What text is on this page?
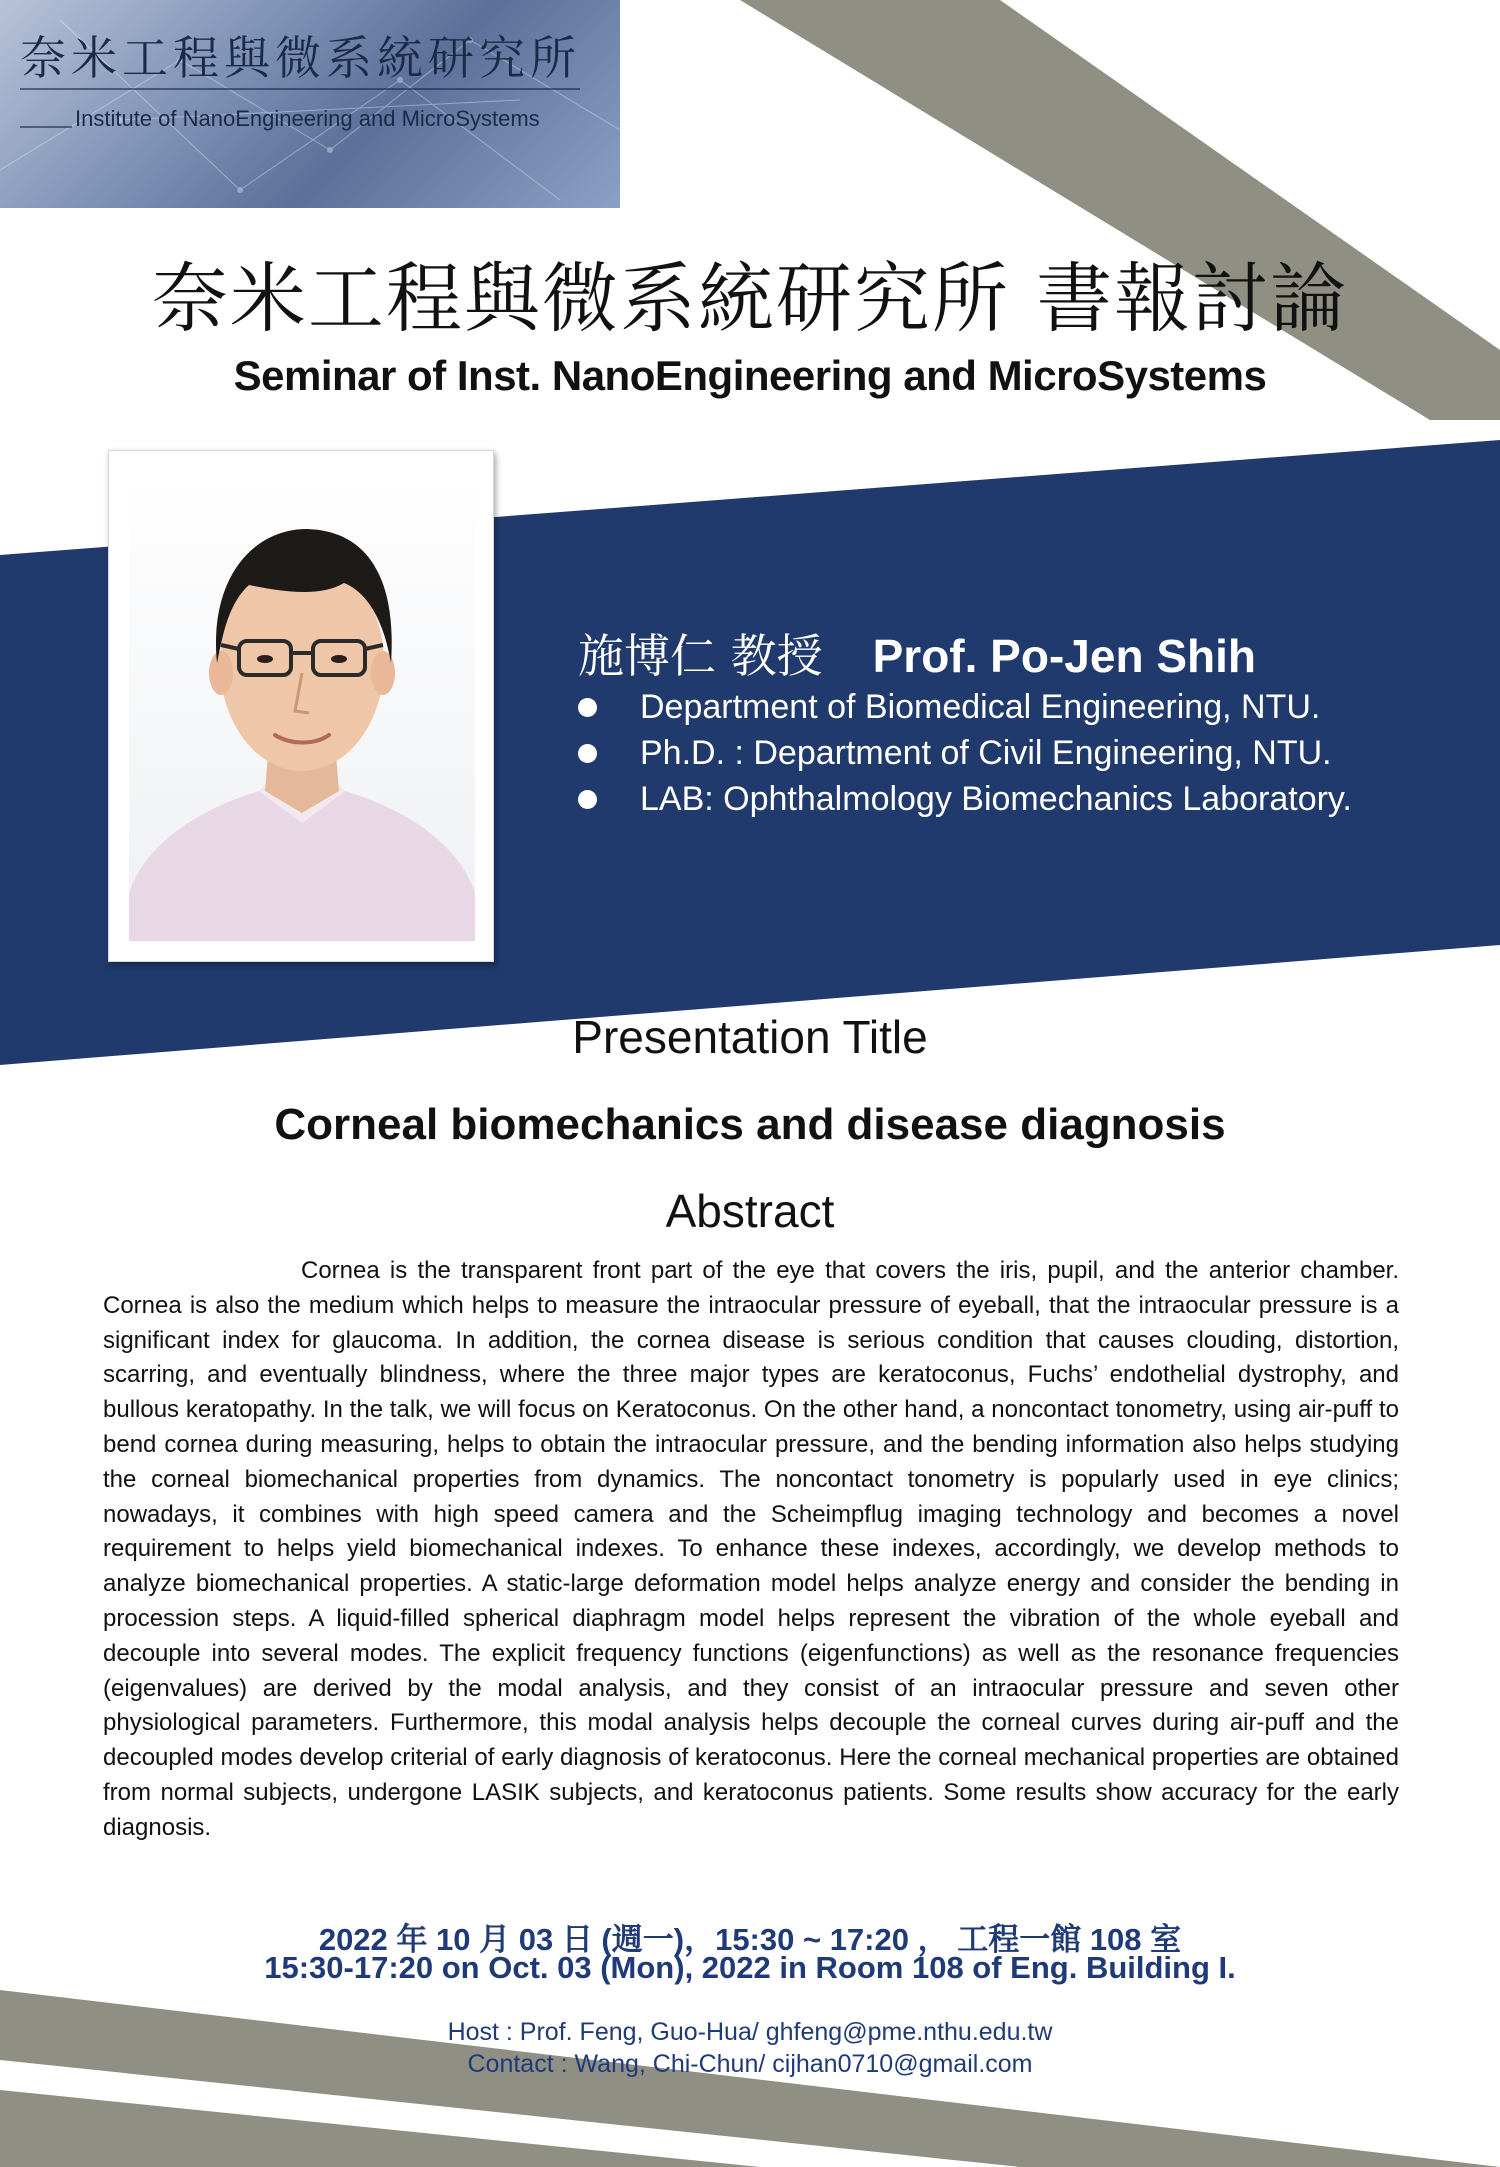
奈米工程與微系統研究所
Institute of NanoEngineering and MicroSystems
奈米工程與微系統研究所 書報討論
Seminar of Inst. NanoEngineering and MicroSystems
施博仁 教授 Prof. Po-Jen Shih
Department of Biomedical Engineering, NTU.
Ph.D. : Department of Civil Engineering, NTU.
LAB: Ophthalmology Biomechanics Laboratory.
Presentation Title
Corneal biomechanics and disease diagnosis
Abstract

Cornea is the transparent front part of the eye that covers the iris, pupil, and the anterior chamber. Cornea is also the medium which helps to measure the intraocular pressure of eyeball, that the intraocular pressure is a significant index for glaucoma. In addition, the cornea disease is serious condition that causes clouding, distortion, scarring, and eventually blindness, where the three major types are keratoconus, Fuchs’ endothelial dystrophy, and bullous keratopathy. In the talk, we will focus on Keratoconus. On the other hand, a noncontact tonometry, using air-puff to bend cornea during measuring, helps to obtain the intraocular pressure, and the bending information also helps studying the corneal biomechanical properties from dynamics. The noncontact tonometry is popularly used in eye clinics; nowadays, it combines with high speed camera and the Scheimpflug imaging technology and becomes a novel requirement to helps yield biomechanical indexes. To enhance these indexes, accordingly, we develop methods to analyze biomechanical properties. A static-large deformation model helps analyze energy and consider the bending in procession steps. A liquid-filled spherical diaphragm model helps represent the vibration of the whole eyeball and decouple into several modes. The explicit frequency functions (eigenfunctions) as well as the resonance frequencies (eigenvalues) are derived by the modal analysis, and they consist of an intraocular pressure and seven other physiological parameters. Furthermore, this modal analysis helps decouple the corneal curves during air-puff and the decoupled modes develop criterial of early diagnosis of keratoconus. Here the corneal mechanical properties are obtained from normal subjects, undergone LASIK subjects, and keratoconus patients. Some results show accuracy for the early diagnosis.

2022 年 10 月 03 日 (週一)，15:30 ~ 17:20 ， 工程一館 108 室
15:30-17:20 on Oct. 03 (Mon), 2022 in Room 108 of Eng. Building I.
Host : Prof. Feng, Guo-Hua/ ghfeng@pme.nthu.edu.tw
Contact : Wang, Chi-Chun/ cijhan0710@gmail.com
